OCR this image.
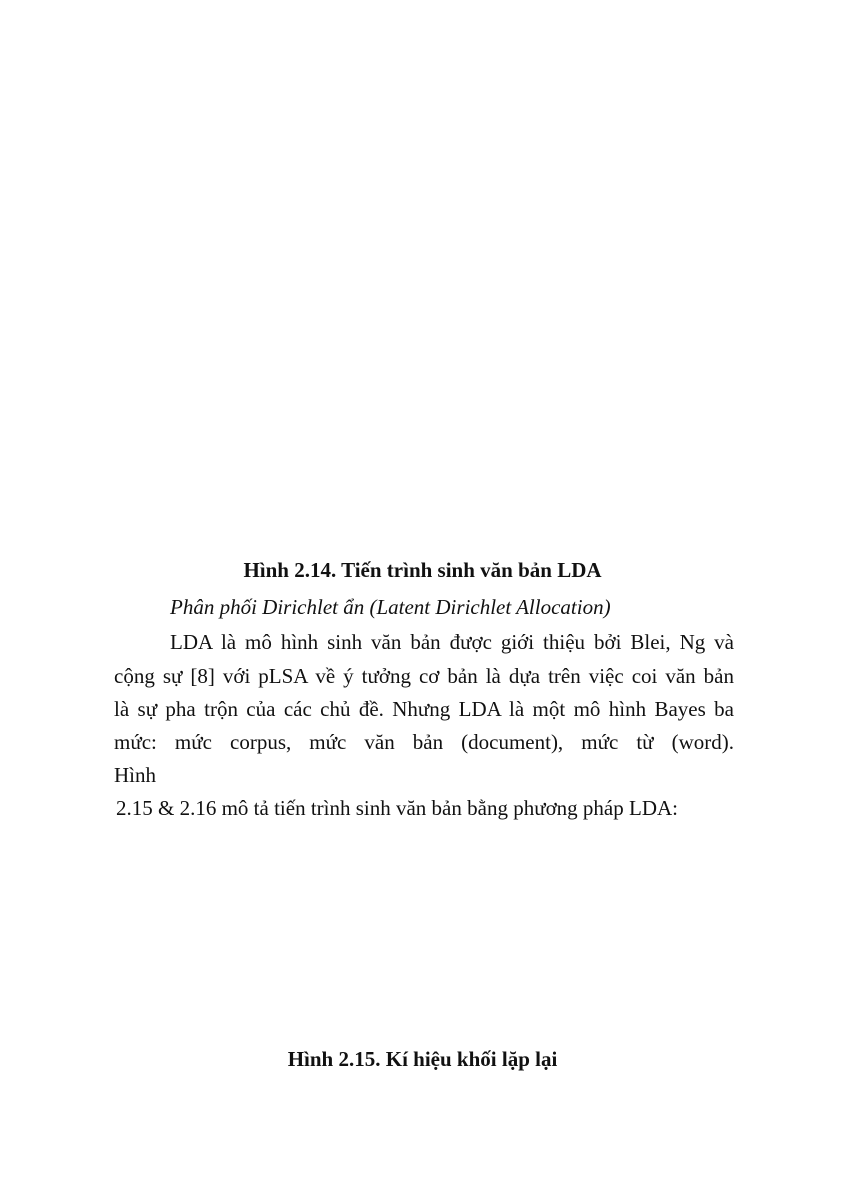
Hình 2.14. Tiến trình sinh văn bản LDA
Phân phối Dirichlet ẩn (Latent Dirichlet Allocation)
LDA là mô hình sinh văn bản được giới thiệu bởi Blei, Ng và
cộng sự [8] với pLSA về ý tưởng cơ bản là dựa trên việc coi văn bản
là sự pha trộn của các chủ đề. Nhưng LDA là một mô hình Bayes ba
mức: mức corpus, mức văn bản (document), mức từ (word).
Hình
2.15 & 2.16 mô tả tiến trình sinh văn bản bằng phương pháp LDA:
Hình 2.15. Kí hiệu khối lặp lại
